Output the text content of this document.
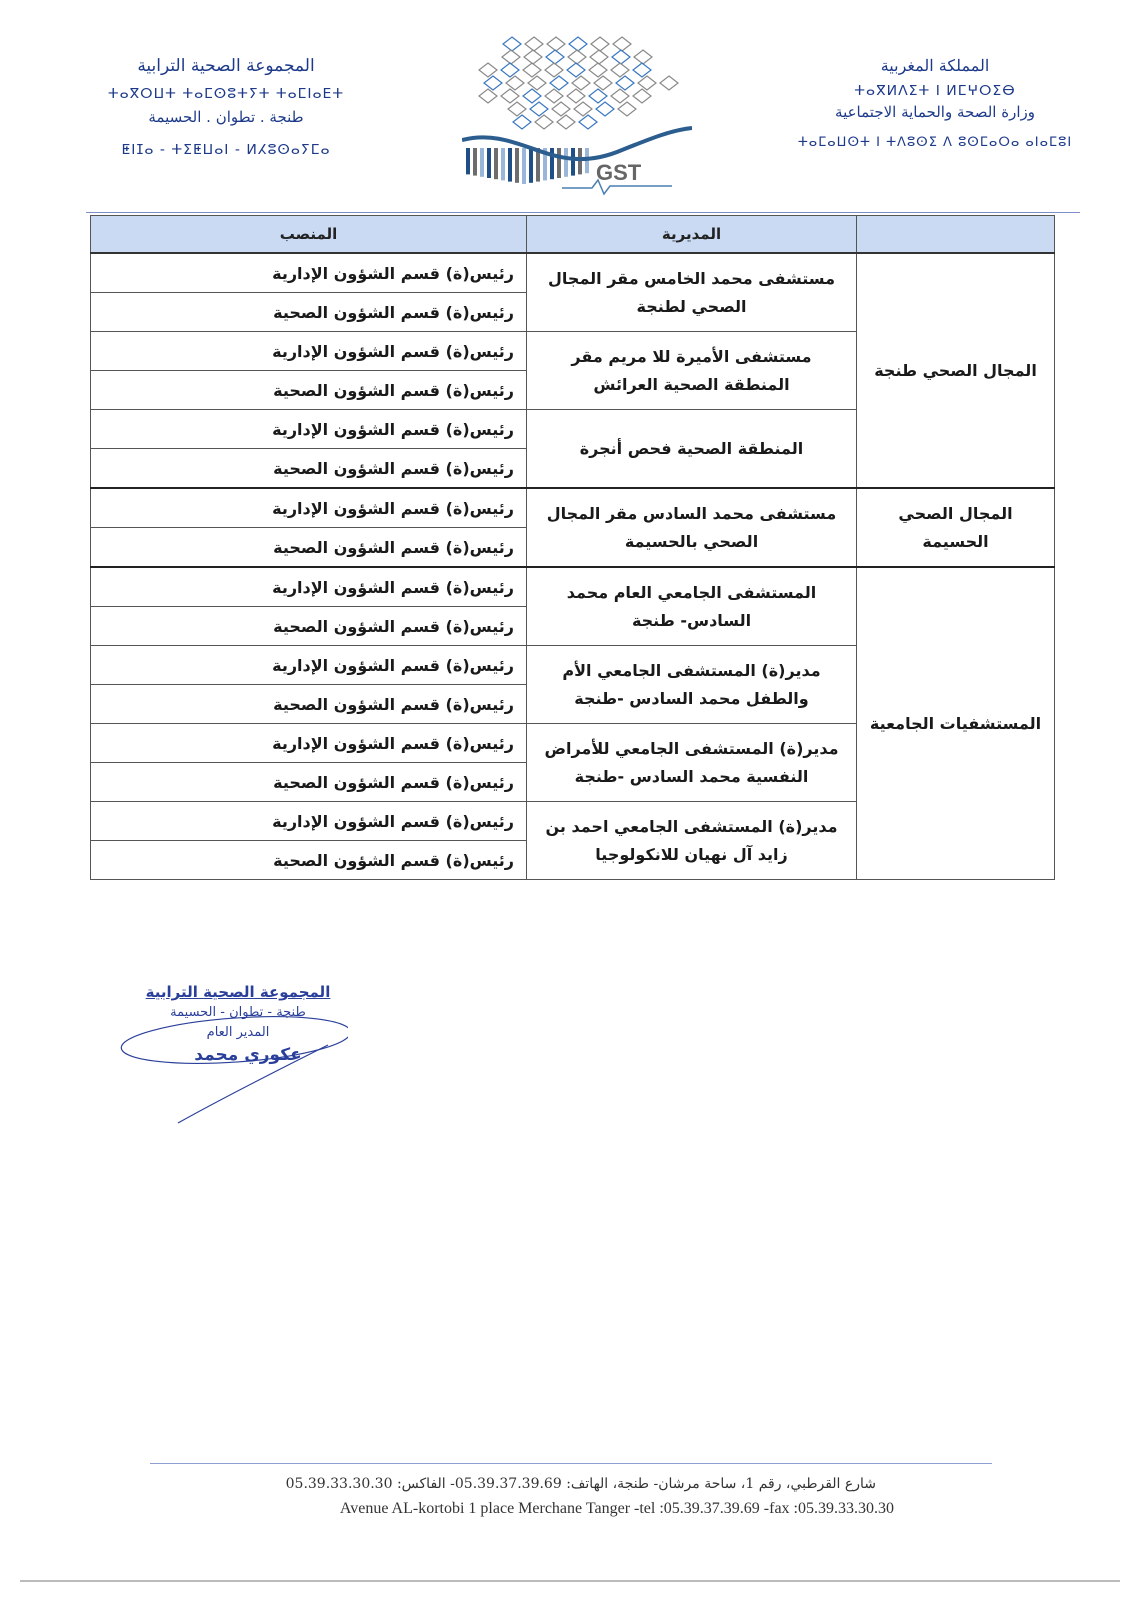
المجموعة الصحية الترابية
ⵜⴰⴳⵔⵡⵜ ⵜⴰⵎⵙⵓⵜⵢⵜ ⵜⴰⵎⵏⴰⴹⵜ
طنجة . تطوان . الحسيمة
ⵟⵏⵊⴰ - ⵜⵉⵟⵡⴰⵏ - ⵍⵃⵓⵙⴰⵢⵎⴰ
GST
المملكة المغربية
ⵜⴰⴳⵍⴷⵉⵜ ⵏ ⵍⵎⵖⵔⵉⴱ
وزارة الصحة والحماية الاجتماعية
ⵜⴰⵎⴰⵡⵙⵜ ⵏ ⵜⴷⵓⵙⵉ ⴷ ⵓⵙⵎⴰⵔⴰ ⴰⵏⴰⵎⵓⵏ
	المديرية	المنصب
المجال الصحي طنجة	مستشفى محمد الخامس مقر المجال الصحي لطنجة	رئيس(ة) قسم الشؤون الإدارية
		رئيس(ة) قسم الشؤون الصحية
	مستشفى الأميرة للا مريم مقر المنطقة الصحية العرائش	رئيس(ة) قسم الشؤون الإدارية
		رئيس(ة) قسم الشؤون الصحية
	المنطقة الصحية فحص أنجرة	رئيس(ة) قسم الشؤون الإدارية
		رئيس(ة) قسم الشؤون الصحية
المجال الصحي الحسيمة	مستشفى محمد السادس مقر المجال الصحي بالحسيمة	رئيس(ة) قسم الشؤون الإدارية
		رئيس(ة) قسم الشؤون الصحية
المستشفيات الجامعية	المستشفى الجامعي العام محمد السادس- طنجة	رئيس(ة) قسم الشؤون الإدارية
		رئيس(ة) قسم الشؤون الصحية
	مدير(ة) المستشفى الجامعي الأم والطفل محمد السادس -طنجة	رئيس(ة) قسم الشؤون الإدارية
		رئيس(ة) قسم الشؤون الصحية
	مدير(ة) المستشفى الجامعي للأمراض النفسية محمد السادس -طنجة	رئيس(ة) قسم الشؤون الإدارية
		رئيس(ة) قسم الشؤون الصحية
	مدير(ة) المستشفى الجامعي احمد بن زايد آل نهيان للانكولوجيا	رئيس(ة) قسم الشؤون الإدارية
		رئيس(ة) قسم الشؤون الصحية
المجموعة الصحية الترابية
طنجة - تطوان - الحسيمة
المدير العام
عكوري محمد
شارع القرطبي، رقم 1، ساحة مرشان- طنجة، الهاتف: 05.39.37.39.69- الفاكس: 05.39.33.30.30
Avenue AL-kortobi 1 place Merchane Tanger -tel :05.39.37.39.69 -fax :05.39.33.30.30
